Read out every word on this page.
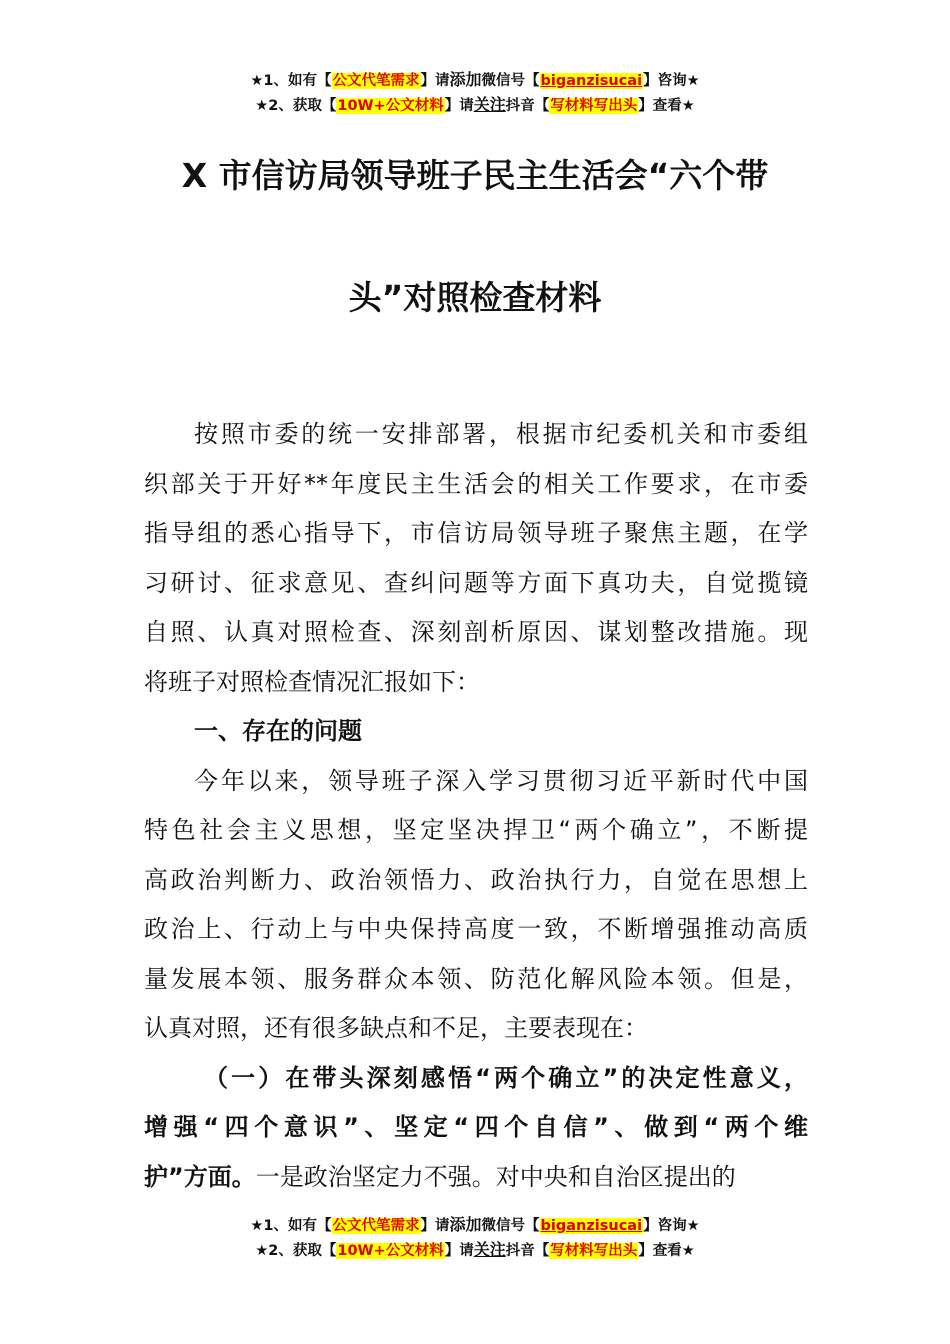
★1、如有【公文代笔需求】请添加微信号【biganzisucai】咨询★
★2、获取【10W+公文材料】请关注抖音【写材料写出头】查看★
X 市信访局领导班子民主生活会“六个带
头”对照检查材料
按照市委的统一安排部署，根据市纪委机关和市委组
织部关于开好**年度民主生活会的相关工作要求，在市委
指导组的悉心指导下，市信访局领导班子聚焦主题，在学
习研讨、征求意见、查纠问题等方面下真功夫，自觉揽镜
自照、认真对照检查、深刻剖析原因、谋划整改措施。现
将班子对照检查情况汇报如下：
一、存在的问题
今年以来，领导班子深入学习贯彻习近平新时代中国
特色社会主义思想，坚定坚决捍卫“两个确立”，不断提
高政治判断力、政治领悟力、政治执行力，自觉在思想上
政治上、行动上与中央保持高度一致，不断增强推动高质
量发展本领、服务群众本领、防范化解风险本领。但是，
认真对照，还有很多缺点和不足，主要表现在：
（一）在带头深刻感悟“两个确立”的决定性意义，
增强“四个意识”、坚定“四个自信”、做到“两个维
护”方面。一是政治坚定力不强。对中央和自治区提出的
★1、如有【公文代笔需求】请添加微信号【biganzisucai】咨询★
★2、获取【10W+公文材料】请关注抖音【写材料写出头】查看★
